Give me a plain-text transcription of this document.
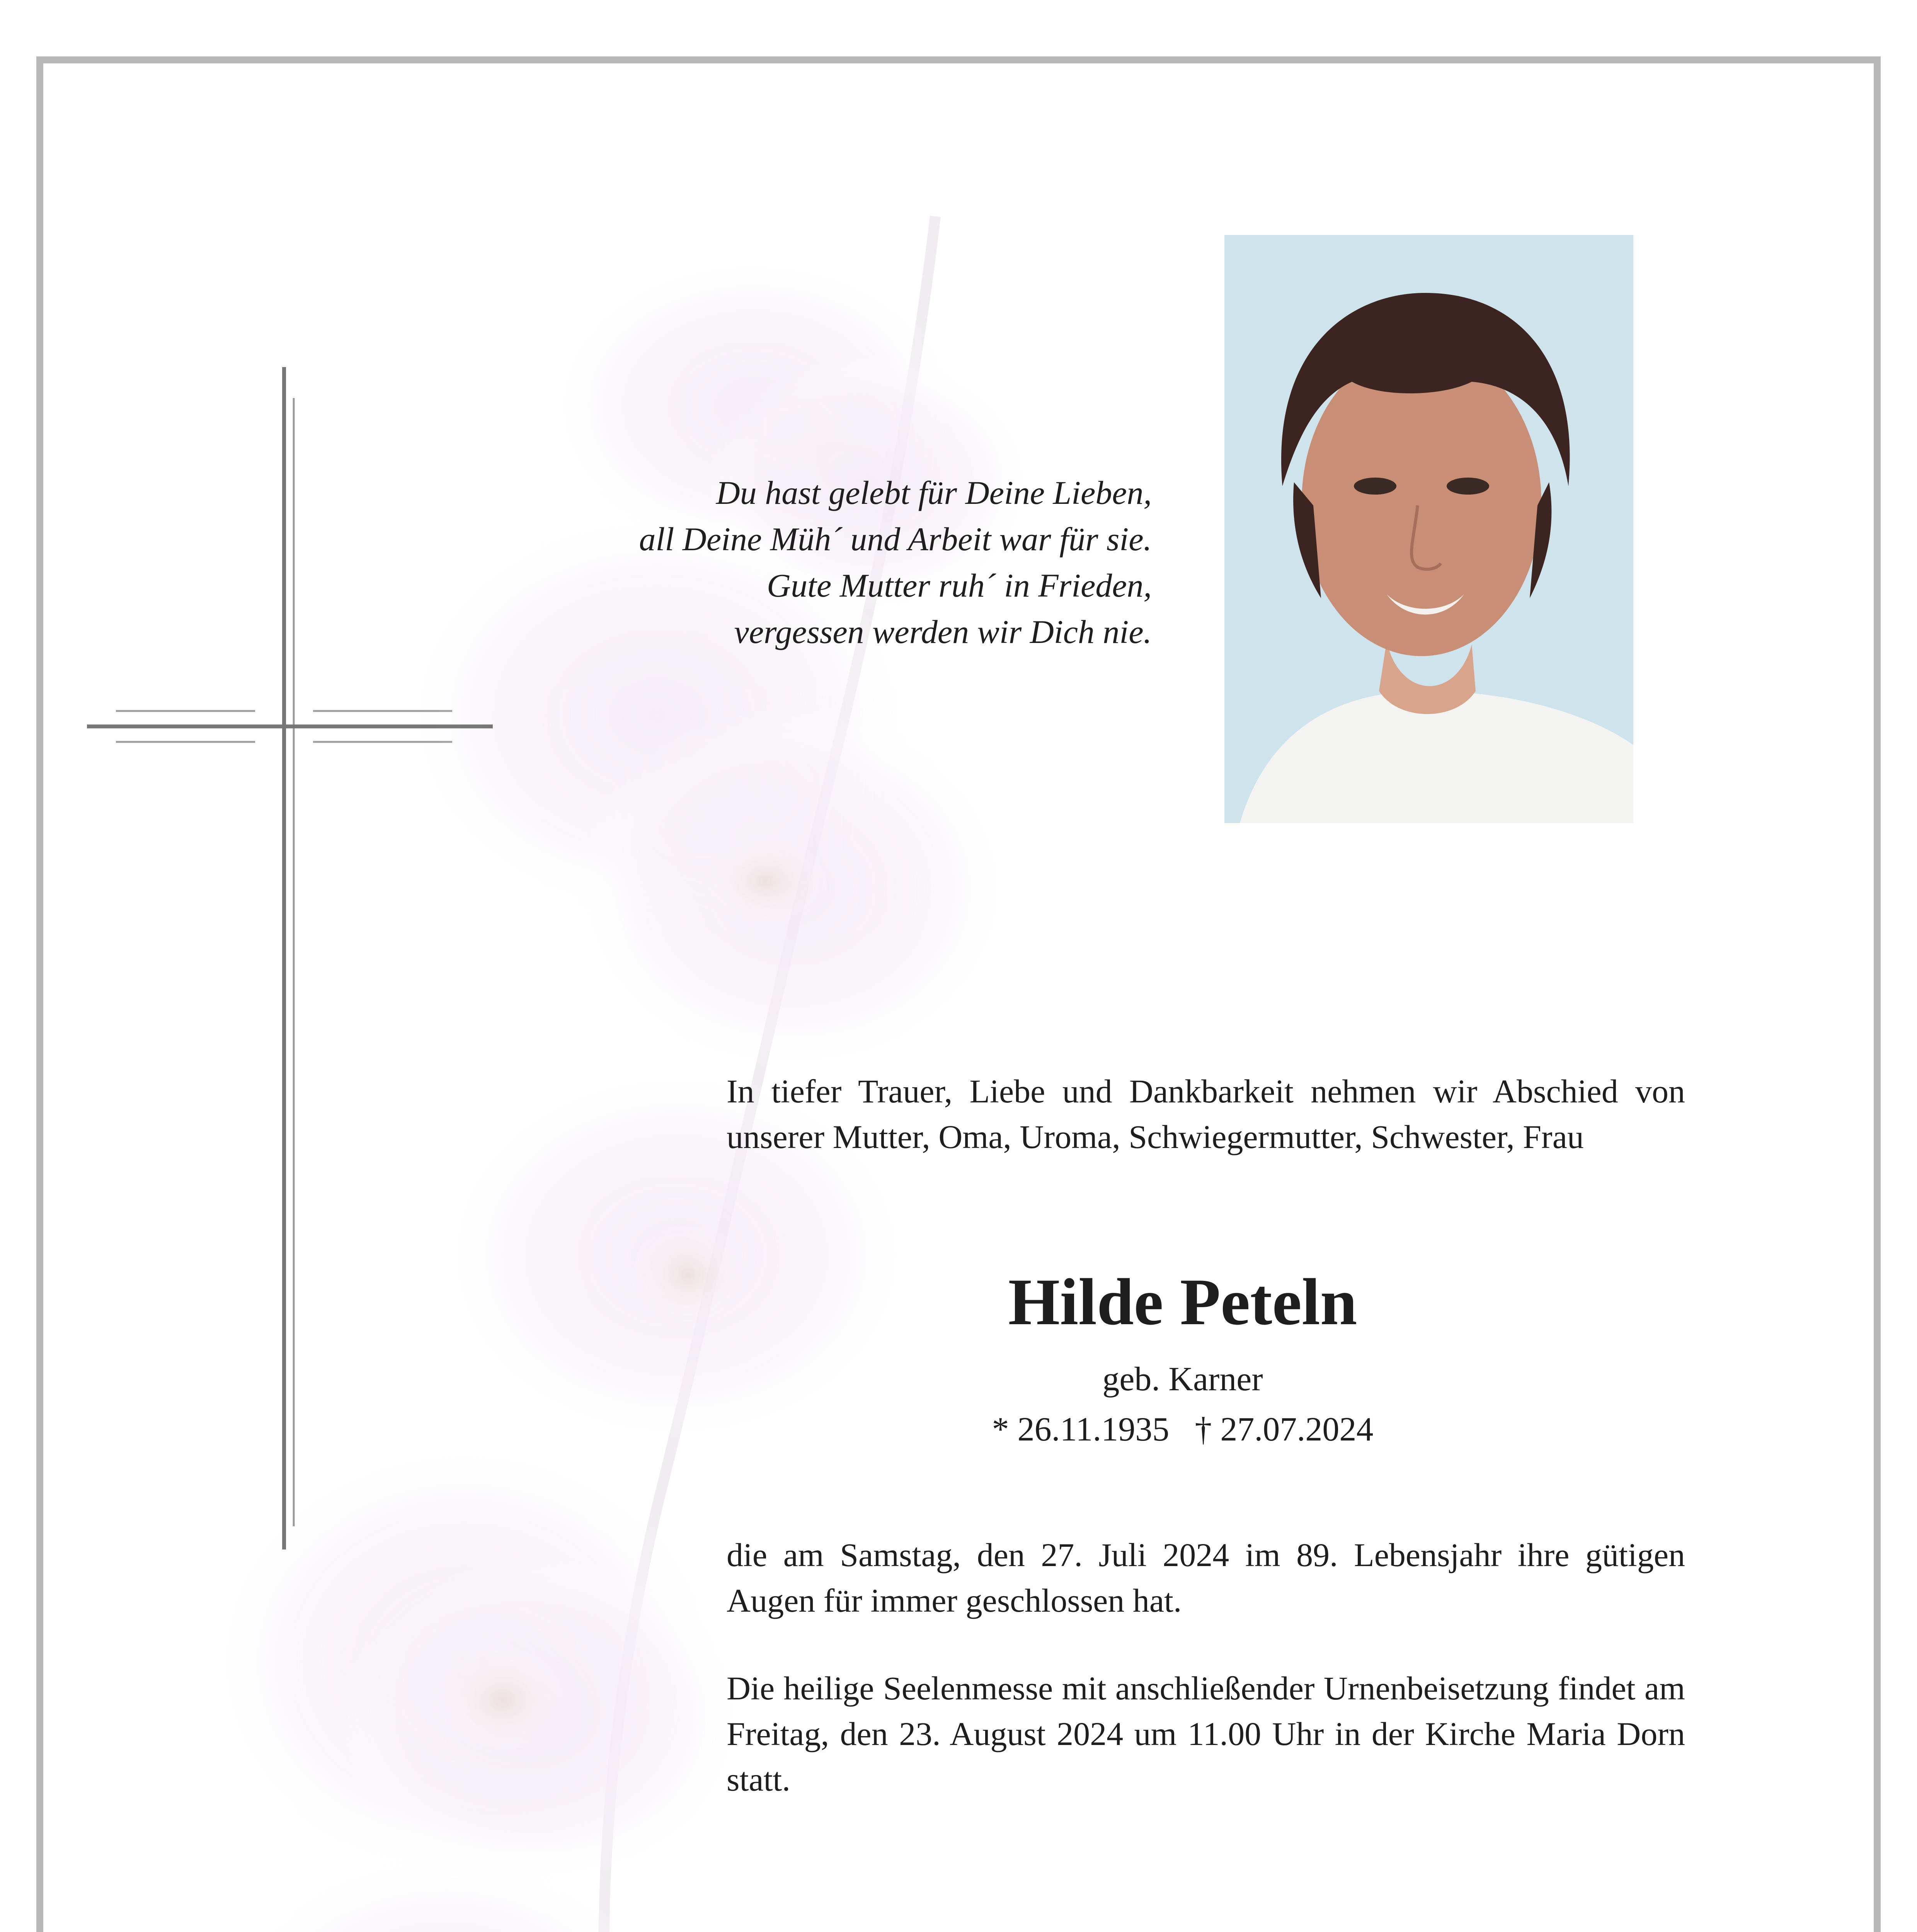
Du hast gelebt für Deine Lieben,
all Deine Müh´ und Arbeit war für sie.
Gute Mutter ruh´ in Frieden,
vergessen werden wir Dich nie.
In tiefer Trauer, Liebe und Dankbarkeit nehmen wir Abschied von unserer Mutter, Oma, Uroma, Schwiegermutter, Schwester, Frau
Hilde Peteln
geb. Karner
* 26.11.1935 † 27.07.2024
die am Samstag, den 27. Juli 2024 im 89. Lebensjahr ihre gütigen Augen für immer geschlossen hat.
Die heilige Seelenmesse mit anschließender Urnenbeisetzung findet am Freitag, den 23. August 2024 um 11.00 Uhr in der Kirche Maria Dorn statt.
